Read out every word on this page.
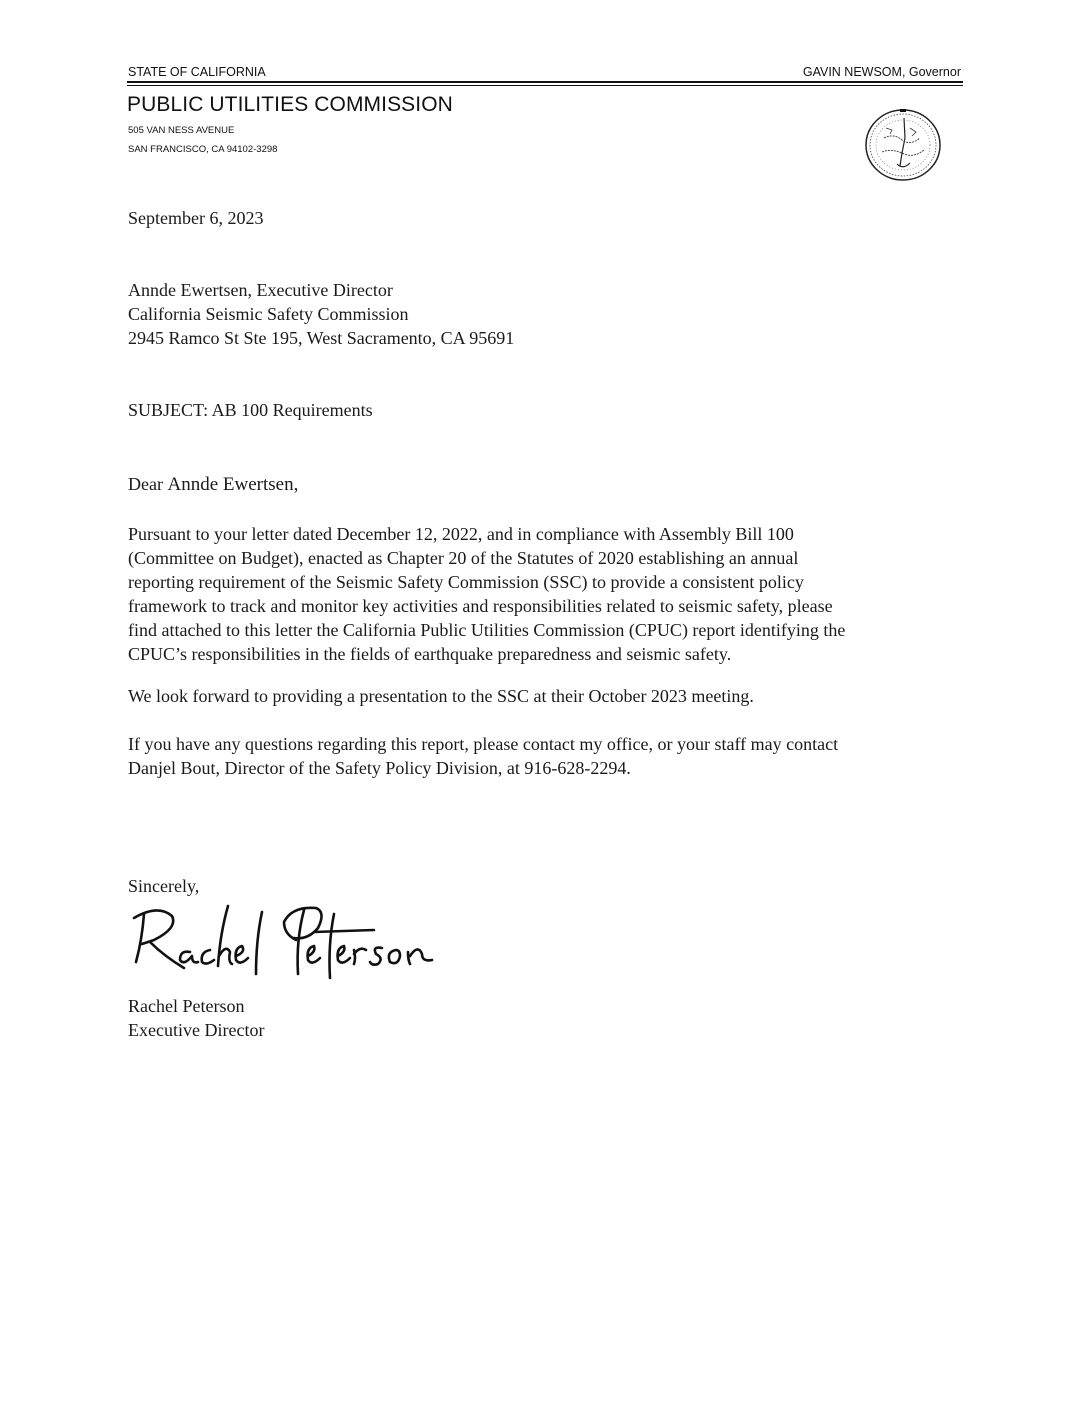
STATE OF CALIFORNIA	GAVIN NEWSOM, Governor
PUBLIC UTILITIES COMMISSION
505 VAN NESS AVENUE
SAN FRANCISCO, CA 94102-3298
September 6, 2023
Annde Ewertsen, Executive Director
California Seismic Safety Commission
2945 Ramco St Ste 195, West Sacramento, CA 95691
SUBJECT: AB 100 Requirements
Dear Annde Ewertsen,
Pursuant to your letter dated December 12, 2022, and in compliance with Assembly Bill 100
(Committee on Budget), enacted as Chapter 20 of the Statutes of 2020 establishing an annual
reporting requirement of the Seismic Safety Commission (SSC) to provide a consistent policy
framework to track and monitor key activities and responsibilities related to seismic safety, please
find attached to this letter the California Public Utilities Commission (CPUC) report identifying the
CPUC’s responsibilities in the fields of earthquake preparedness and seismic safety.
We look forward to providing a presentation to the SSC at their October 2023 meeting.
If you have any questions regarding this report, please contact my office, or your staff may contact
Danjel Bout, Director of the Safety Policy Division, at 916-628-2294.
Sincerely,
Rachel Peterson
Executive Director
